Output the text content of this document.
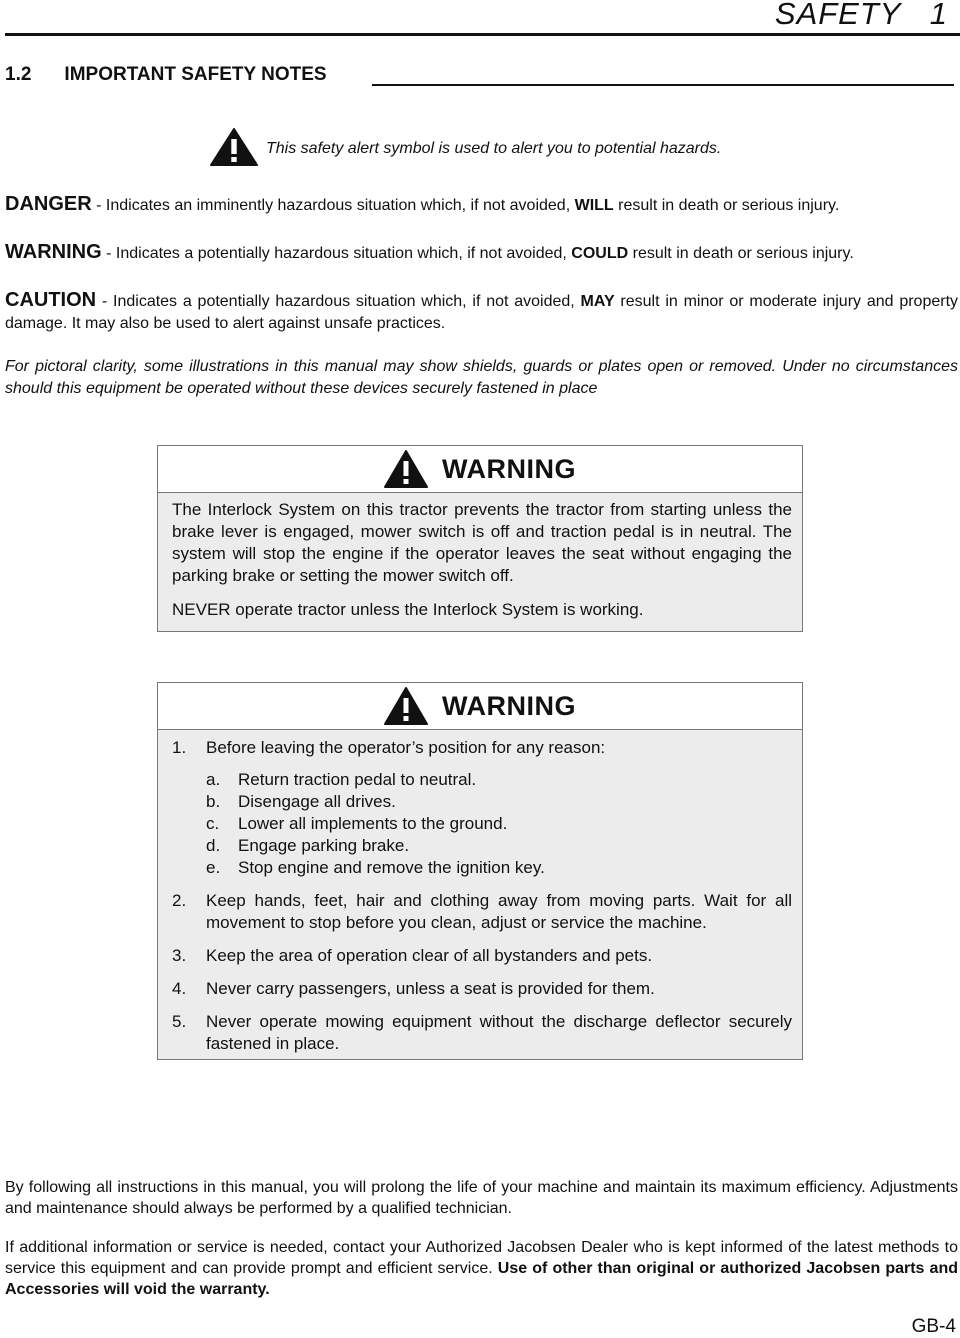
SAFETY   1
1.2 IMPORTANT SAFETY NOTES
This safety alert symbol is used to alert you to potential hazards.
DANGER - Indicates an imminently hazardous situation which, if not avoided, WILL result in death or serious injury.
WARNING - Indicates a potentially hazardous situation which, if not avoided, COULD result in death or serious injury.
CAUTION - Indicates a potentially hazardous situation which, if not avoided, MAY result in minor or moderate injury and property damage. It may also be used to alert against unsafe practices.
For pictoral clarity, some illustrations in this manual may show shields, guards or plates open or removed. Under no circumstances should this equipment be operated without these devices securely fastened in place
WARNING

The Interlock System on this tractor prevents the tractor from starting unless the brake lever is engaged, mower switch is off and traction pedal is in neutral. The system will stop the engine if the operator leaves the seat without engaging the parking brake or setting the mower switch off.

NEVER operate tractor unless the Interlock System is working.

WARNING
1.	Before leaving the operator’s position for any reason:
a.	Return traction pedal to neutral.
b.	Disengage all drives.
c.	Lower all implements to the ground.
d.	Engage parking brake.
e.	Stop engine and remove the ignition key.
2.	Keep hands, feet, hair and clothing away from moving parts. Wait for all movement to stop before you clean, adjust or service the machine.
3.	Keep the area of operation clear of all bystanders and pets.
4.	Never carry passengers, unless a seat is provided for them.
5.	Never operate mowing equipment without the discharge deflector securely fastened in place.
By following all instructions in this manual, you will prolong the life of your machine and maintain its maximum efficiency. Adjustments and maintenance should always be performed by a qualified technician.
If additional information or service is needed, contact your Authorized Jacobsen Dealer who is kept informed of the latest methods to service this equipment and can provide prompt and efficient service. Use of other than original or authorized Jacobsen parts and Accessories will void the warranty.
GB-4
